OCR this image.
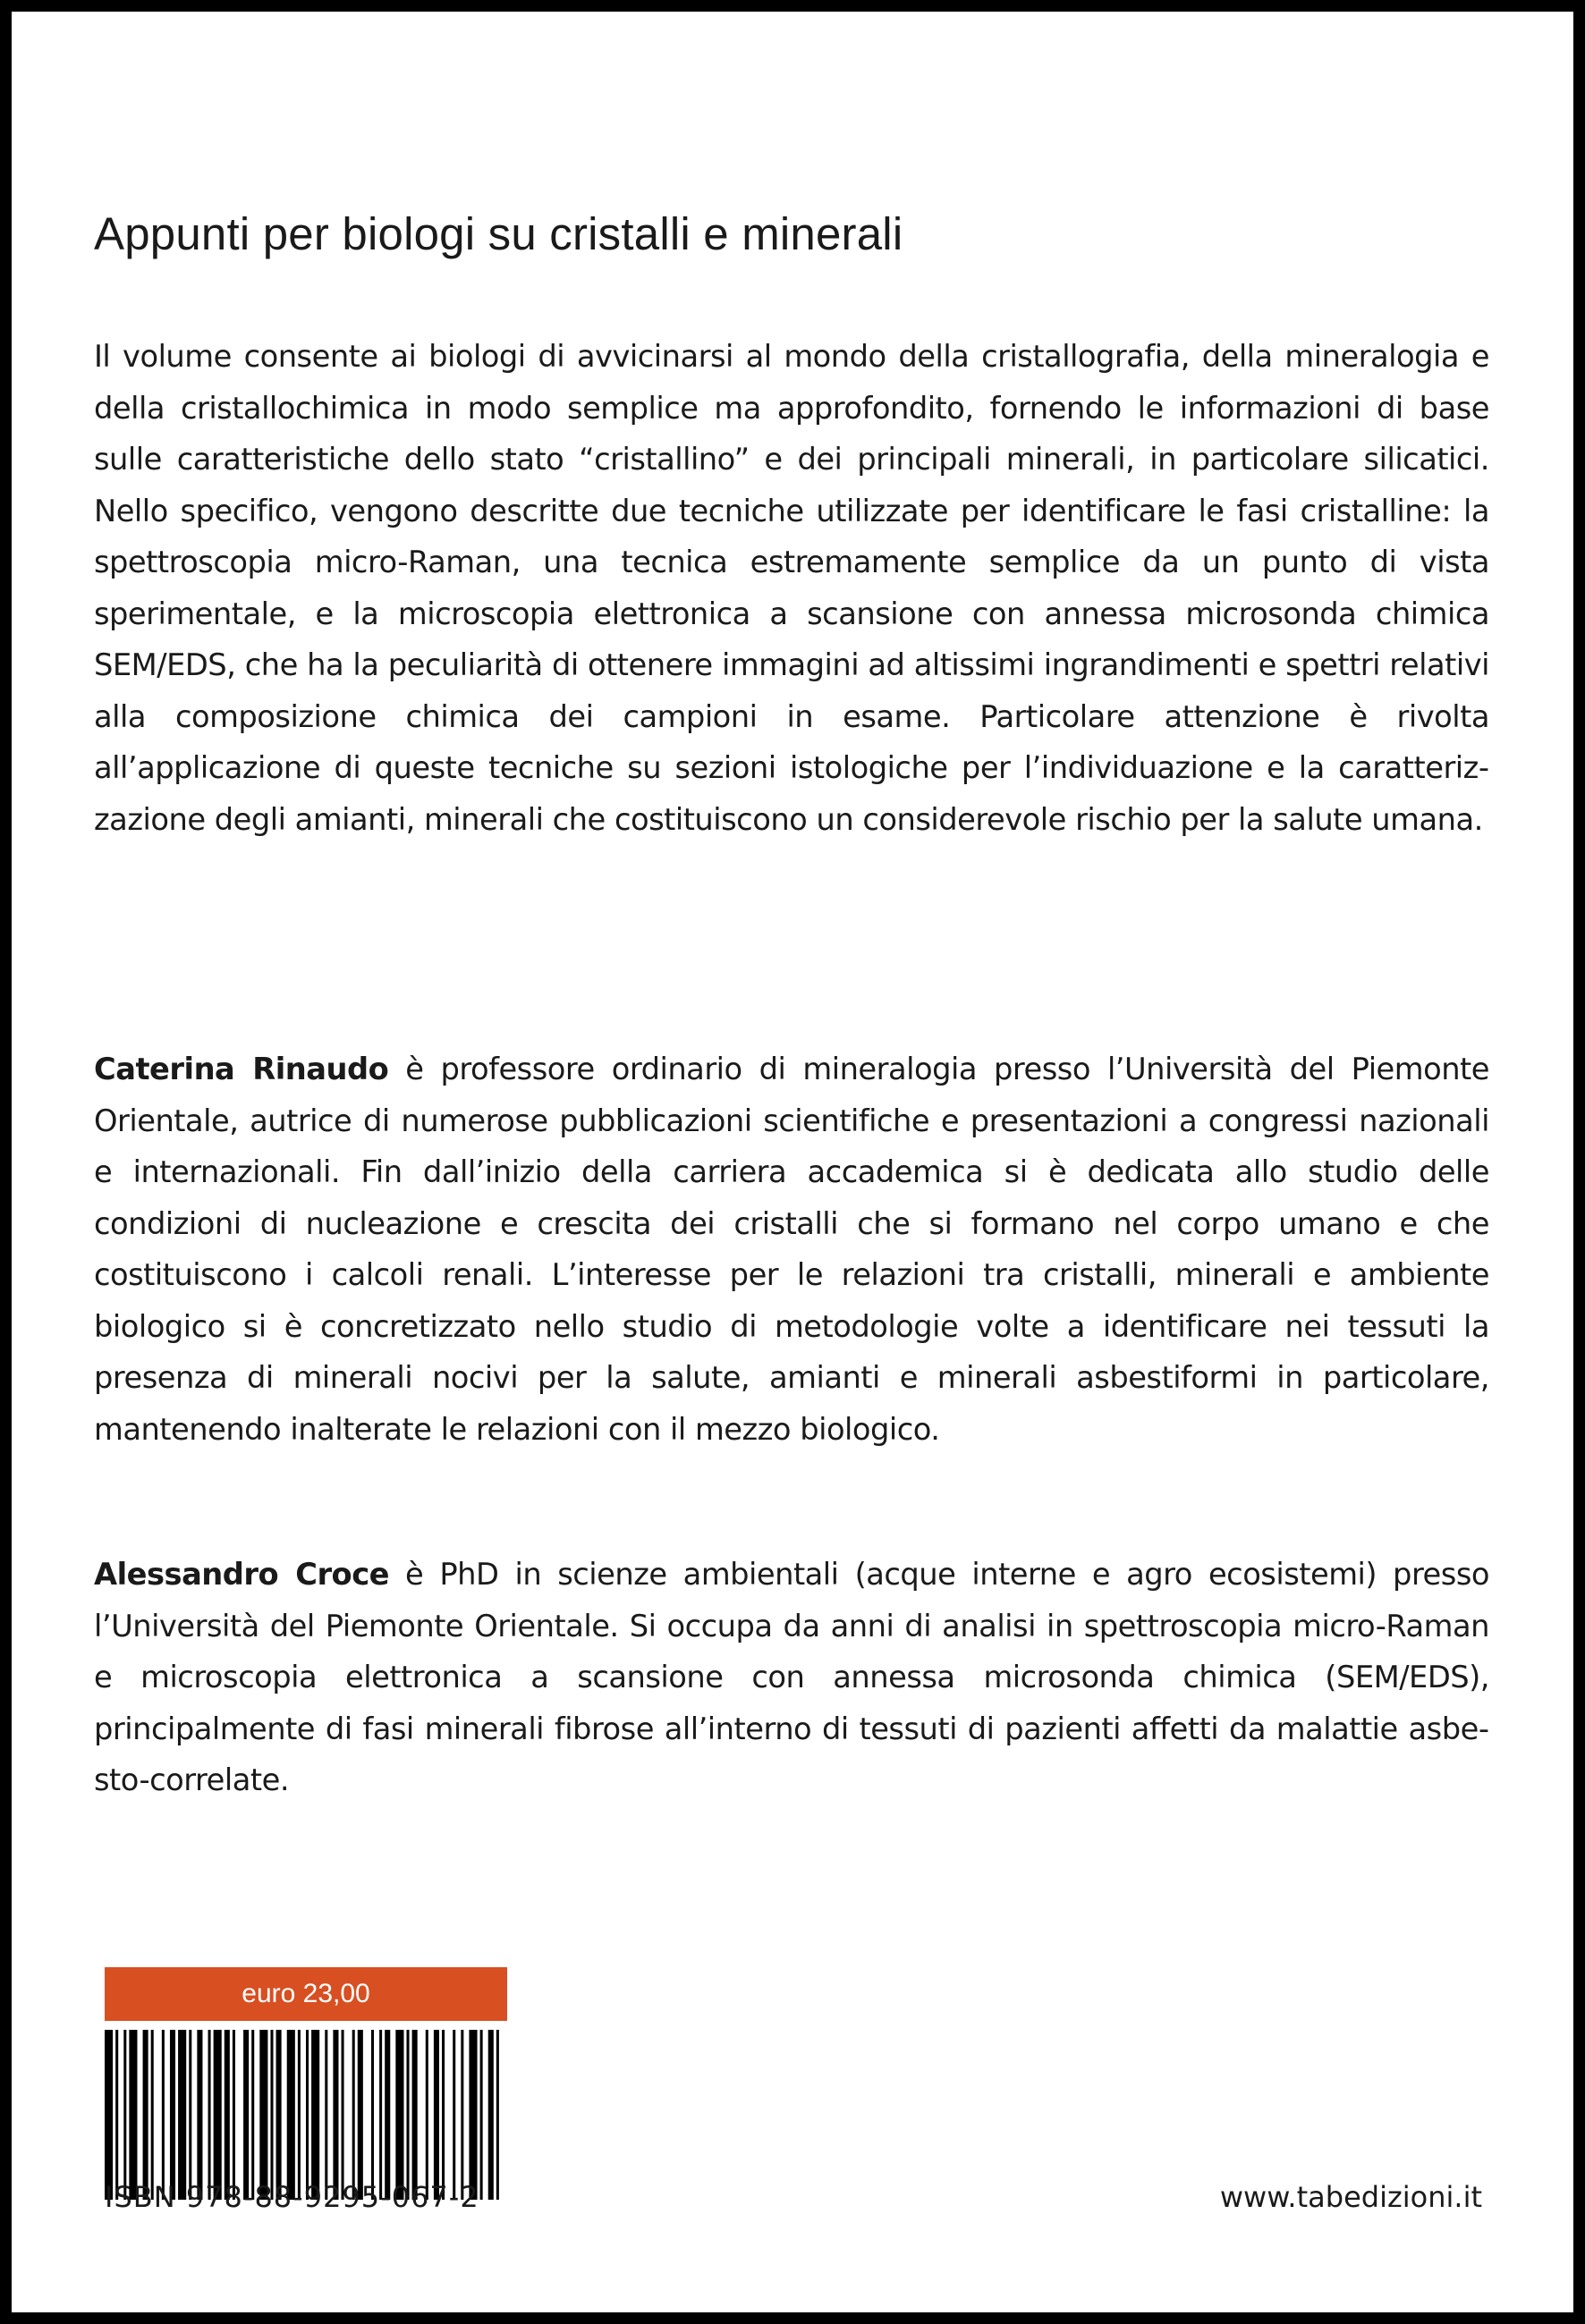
Appunti per biologi su cristalli e minerali

Il volume consente ai biologi di avvicinarsi al mondo della cristallografia, della mineralogia e della cristallochimica in modo semplice ma approfondito, fornendo le informazioni di base sulle caratteristiche dello stato “cristallino” e dei principali minerali, in particolare silicatici. Nello specifico, vengono descritte due tecniche utilizzate per identificare le fasi cristalline: la spettroscopia micro-Raman, una tecnica estremamente semplice da un punto di vista sperimentale, e la microscopia elettronica a scansione con annessa microsonda chimica SEM/EDS, che ha la peculiarità di ottenere immagini ad altissimi ingrandimenti e spettri relativi alla composizione chimica dei campioni in esame. Particolare attenzione è rivolta all’applicazione di queste tecniche su sezioni istologiche per l’individuazione e la caratterizzazione degli amianti, minerali che costituiscono un considerevole rischio per la salute umana.

Caterina Rinaudo è professore ordinario di mineralogia presso l’Università del Piemonte Orientale, autrice di numerose pubblicazioni scientifiche e presentazioni a congressi nazionali e internazionali. Fin dall’inizio della carriera accademica si è dedicata allo studio delle condizioni di nucleazione e crescita dei cristalli che si formano nel corpo umano e che costituiscono i calcoli renali. L’interesse per le relazioni tra cristalli, minerali e ambiente biologico si è concretizzato nello studio di metodologie volte a identificare nei tessuti la presenza di minerali nocivi per la salute, amianti e minerali asbestiformi in particolare, mantenendo inalterate le relazioni con il mezzo biologico.

Alessandro Croce è PhD in scienze ambientali (acque interne e agro ecosistemi) presso l’Università del Piemonte Orientale. Si occupa da anni di analisi in spettroscopia micro-Raman e microscopia elettronica a scansione con annessa microsonda chimica (SEM/EDS), principalmente di fasi minerali fibrose all’interno di tessuti di pazienti affetti da malattie asbesto-correlate.

euro 23,00
ISBN 978-88-9295-067-2	www.tabedizioni.it
